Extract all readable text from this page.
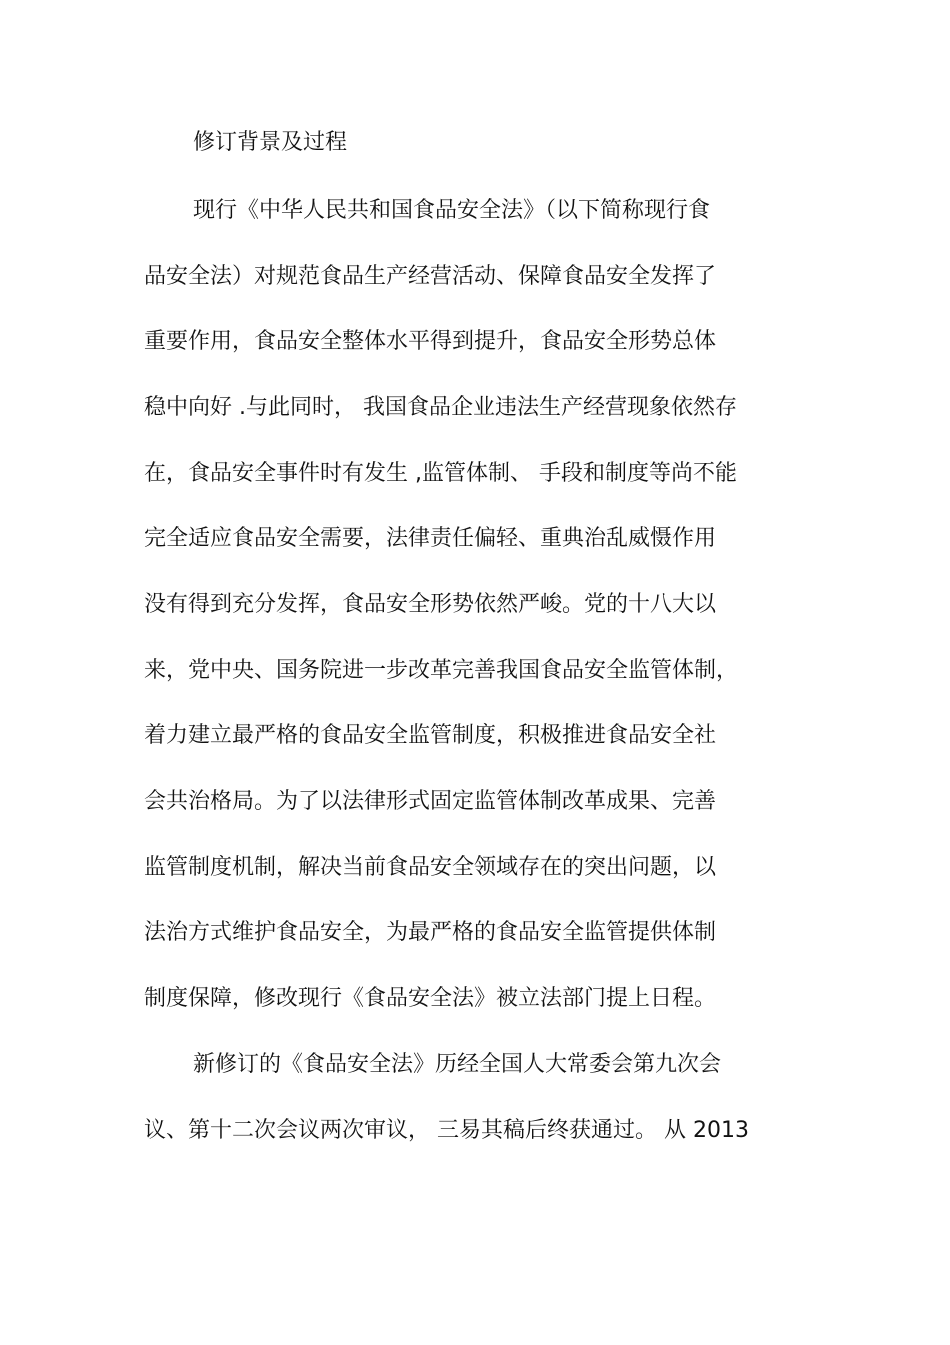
修订背景及过程
现行《中华人民共和国食品安全法》（以下简称现行食
品安全法）对规范食品生产经营活动、保障食品安全发挥了
重要作用，食品安全整体水平得到提升，食品安全形势总体
稳中向好 .与此同时， 我国食品企业违法生产经营现象依然存
在，食品安全事件时有发生 ,监管体制、 手段和制度等尚不能
完全适应食品安全需要，法律责任偏轻、重典治乱威慑作用
没有得到充分发挥，食品安全形势依然严峻。党的十八大以
来，党中央、国务院进一步改革完善我国食品安全监管体制，
着力建立最严格的食品安全监管制度，积极推进食品安全社
会共治格局。为了以法律形式固定监管体制改革成果、完善
监管制度机制，解决当前食品安全领域存在的突出问题，以
法治方式维护食品安全，为最严格的食品安全监管提供体制
制度保障，修改现行《食品安全法》被立法部门提上日程。
新修订的《食品安全法》历经全国人大常委会第九次会
议、第十二次会议两次审议， 三易其稿后终获通过。 从 2013
